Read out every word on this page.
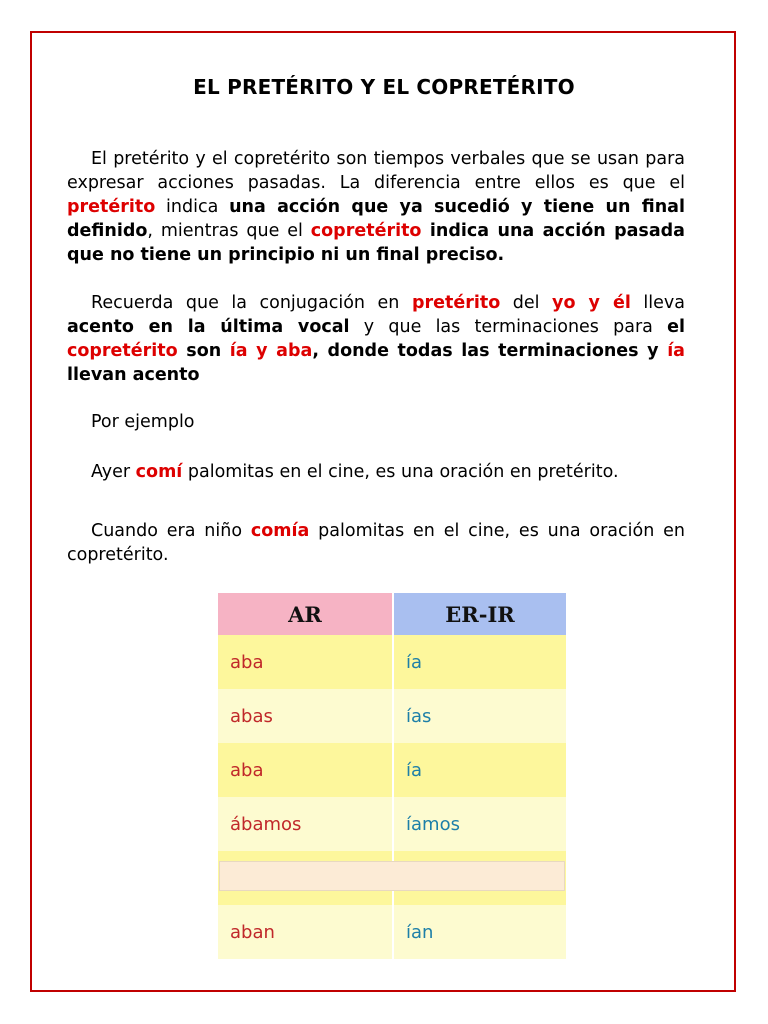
EL PRETÉRITO Y EL COPRETÉRITO
El pretérito y el copretérito son tiempos verbales que se usan para expresar acciones pasadas. La diferencia entre ellos es que el pretérito indica una acción que ya sucedió y tiene un final definido, mientras que el copretérito indica una acción pasada que no tiene un principio ni un final preciso.
Recuerda que la conjugación en pretérito del yo y él lleva acento en la última vocal y que las terminaciones para el copretérito son ía y aba, donde todas las terminaciones y ía llevan acento
Por ejemplo
Ayer comí palomitas en el cine, es una oración en pretérito.
Cuando era niño comía palomitas en el cine, es una oración en copretérito.
AR	ER-IR
aba	ía
abas	ías
aba	ía
ábamos	íamos
aban	ían
